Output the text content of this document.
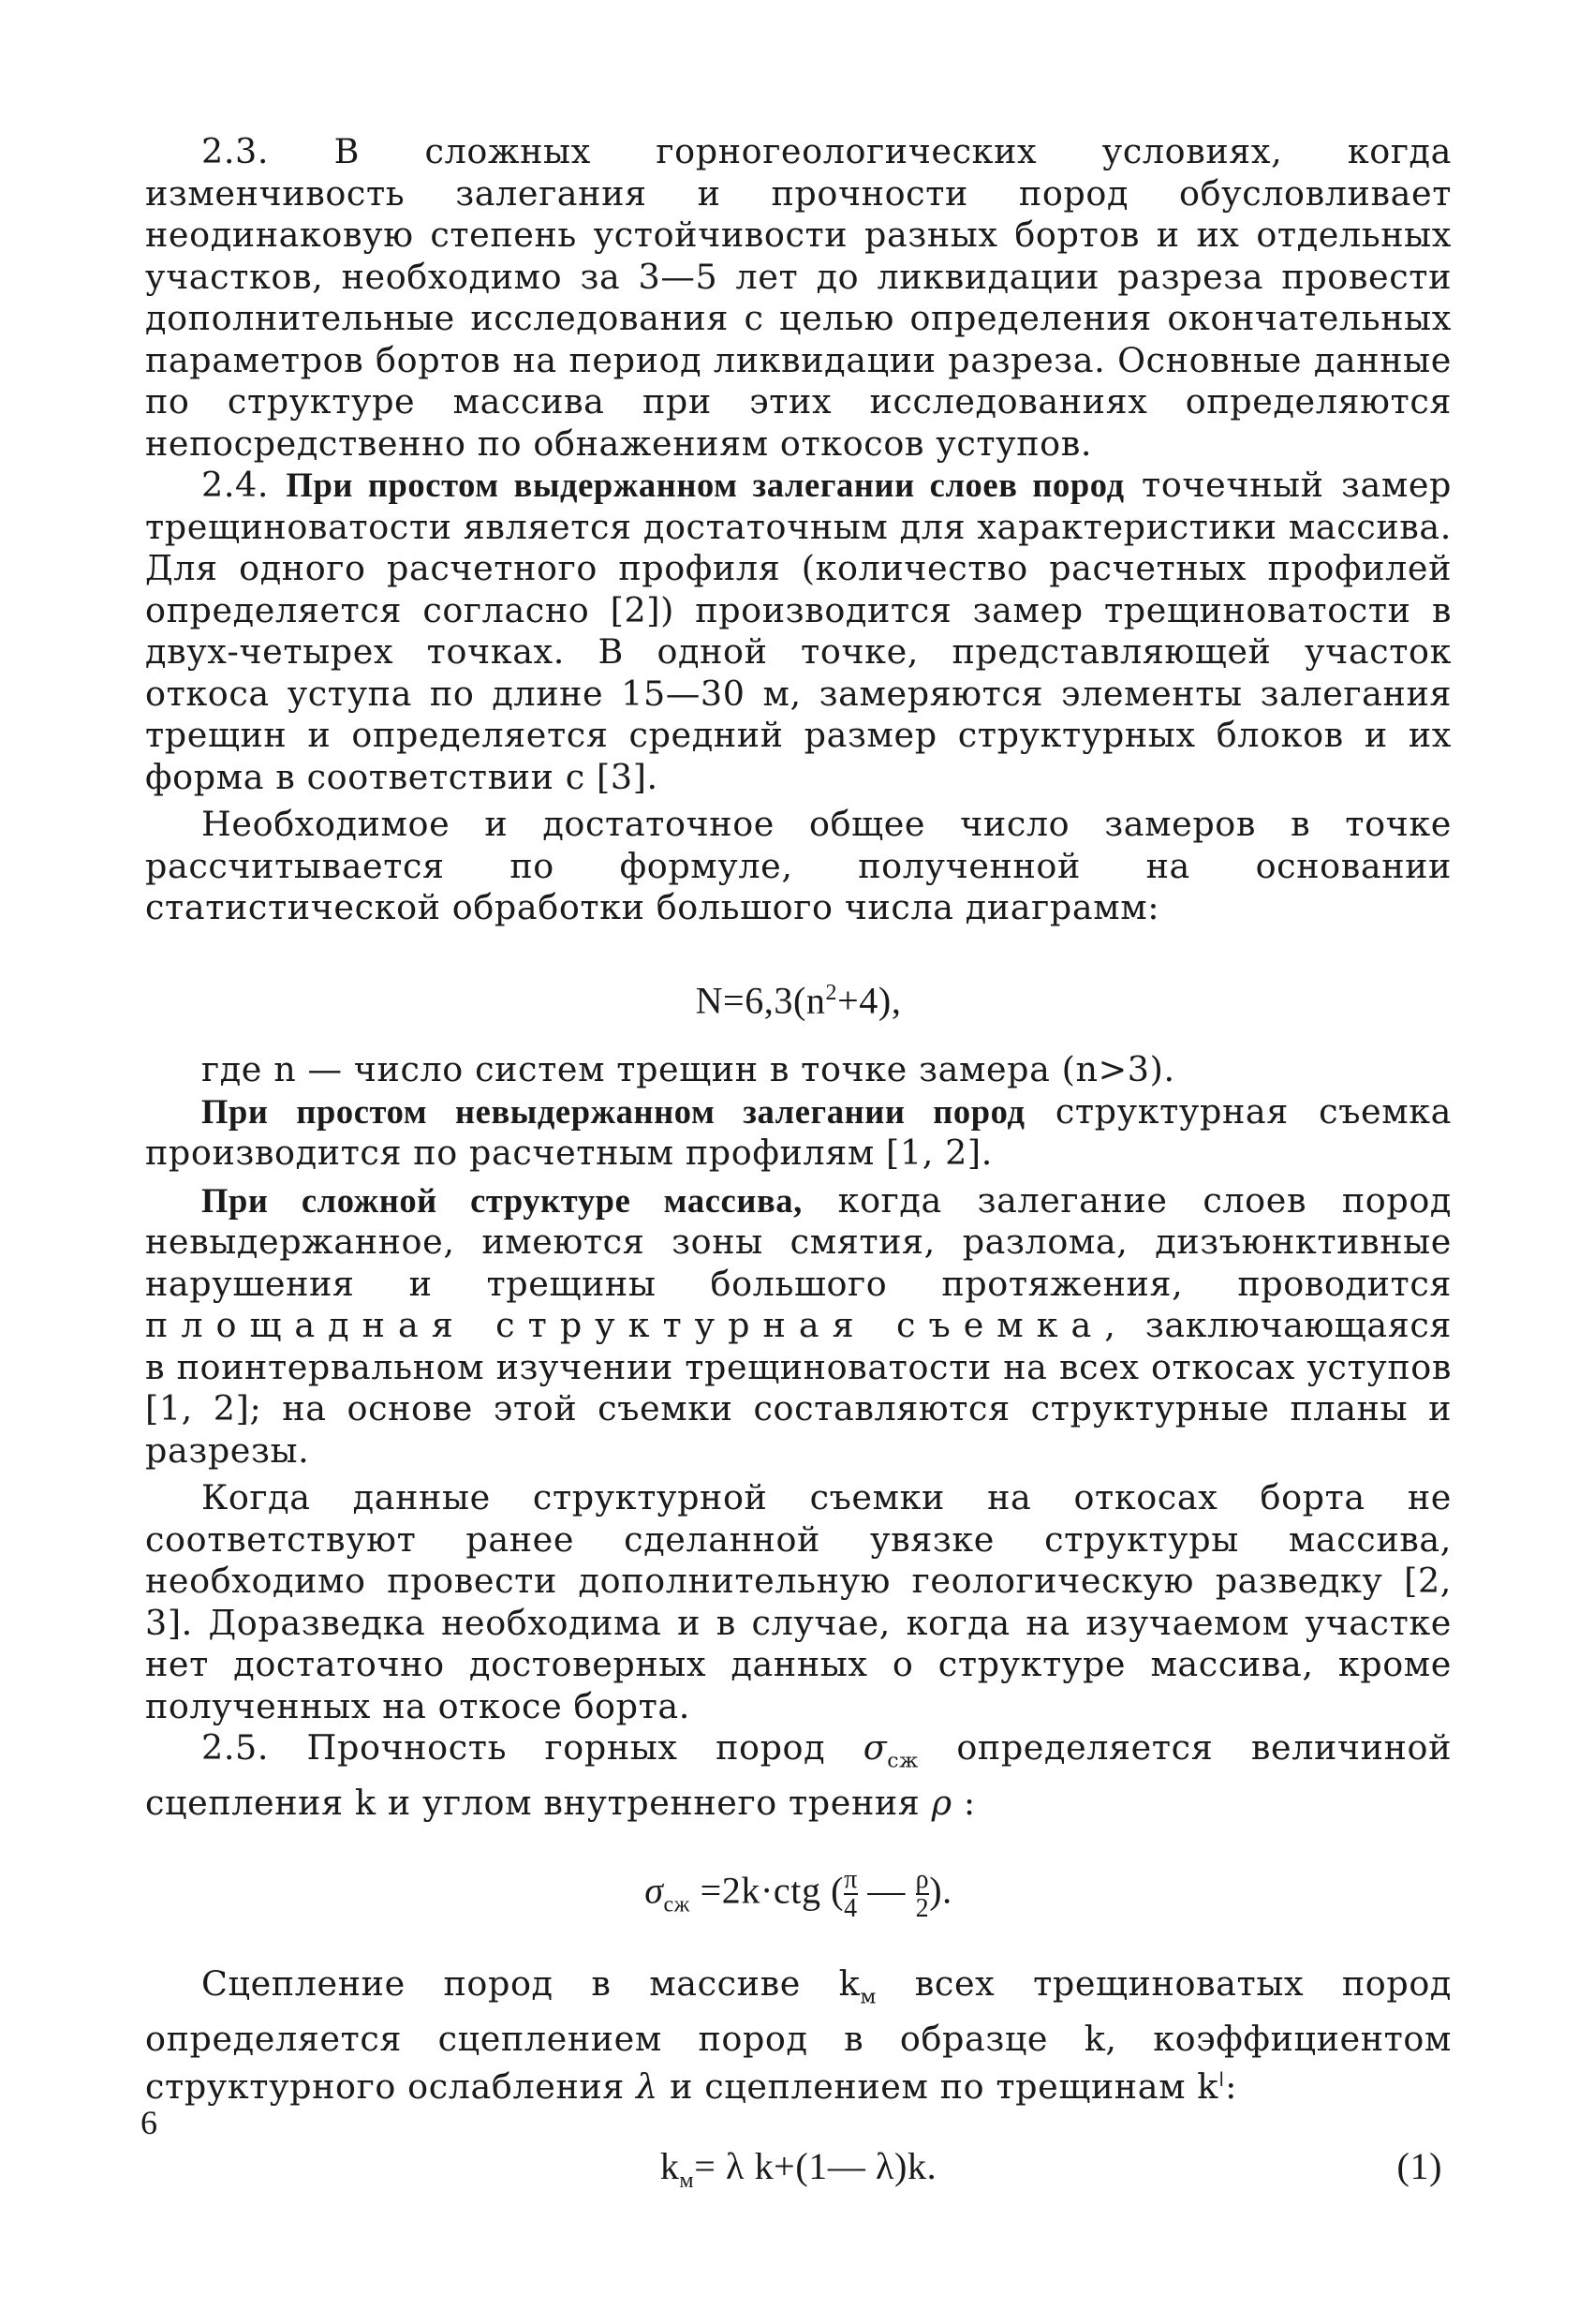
2.3. В сложных горногеологических условиях, когда изменчивость залегания и прочности пород обусловливает неодинаковую степень устойчивости разных бортов и их отдельных участков, необходимо за 3—5 лет до ликвидации разреза провести дополнительные исследования с целью определения окончательных параметров бортов на период ликвидации разреза. Основные данные по структуре массива при этих исследованиях определяются непосредственно по обнажениям откосов уступов.

2.4. При простом выдержанном залегании слоев пород точечный замер трещиноватости является достаточным для характеристики массива. Для одного расчетного профиля (количество расчетных профилей определяется согласно [2]) производится замер трещиноватости в двух-четырех точках. В одной точке, представляющей участок откоса уступа по длине 15—30 м, замеряются элементы залегания трещин и определяется средний размер структурных блоков и их форма в соответствии с [3].

Необходимое и достаточное общее число замеров в точке рассчитывается по формуле, полученной на основании статистической обработки большого числа диаграмм:

$N=6,3(n^2+4)$,

где n — число систем трещин в точке замера (n>3).

При простом невыдержанном залегании пород структурная съемка производится по расчетным профилям [1, 2].

При сложной структуре массива, когда залегание слоев пород невыдержанное, имеются зоны смятия, разлома, дизъюнктивные нарушения и трещины большого протяжения, проводится площадная структурная съемка, заключающаяся в поинтервальном изучении трещиноватости на всех откосах уступов [1, 2]; на основе этой съемки составляются структурные планы и разрезы.

Когда данные структурной съемки на откосах борта не соответствуют ранее сделанной увязке структуры массива, необходимо провести дополнительную геологическую разведку [2, 3]. Доразведка необходима и в случае, когда на изучаемом участке нет достаточно достоверных данных о структуре массива, кроме полученных на откосе борта.

2.5. Прочность горных пород $\sigma_{сж}$ определяется величиной сцепления k и углом внутреннего трения ρ :

$\sigma_{сж} =2k\cdot ctg$ ( $\frac{\pi}{4}$ — $\frac{\rho}{2}$ ).

Сцепление пород в массиве $k_м$ всех трещиноватых пород определяется сцеплением пород в образце k, коэффициентом структурного ослабления λ и сцеплением по трещинам $k^ǀ$:

$k_м= \lambda$ k+(1— λ)k.	(1)
6
